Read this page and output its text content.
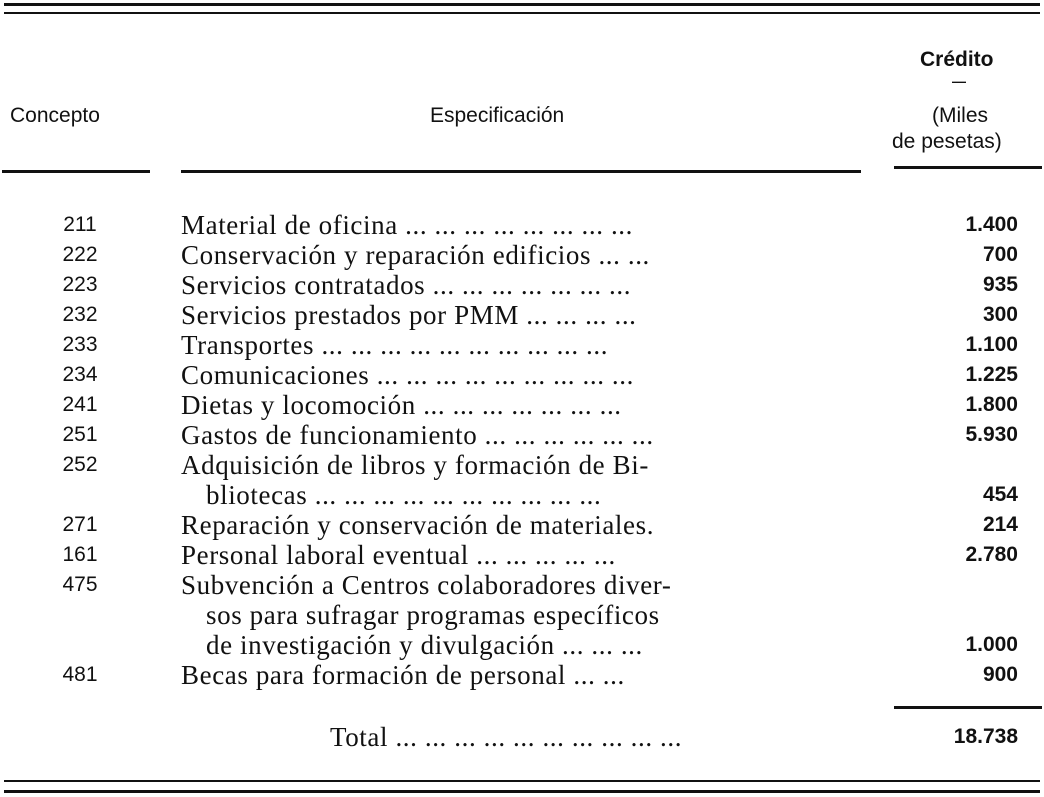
Concepto	Especificación
Crédito
—
(Miles
de pesetas)
211	Material de oficina ... ... ... ... ... ... ... ...	1.400
222	Conservación y reparación edificios ... ...	700
223	Servicios contratados ... ... ... ... ... ... ...	935
232	Servicios prestados por PMM ... ... ... ...	300
233	Transportes ... ... ... ... ... ... ... ... ... ...	1.100
234	Comunicaciones ... ... ... ... ... ... ... ... ...	1.225
241	Dietas y locomoción ... ... ... ... ... ... ...	1.800
251	Gastos de funcionamiento ... ... ... ... ... ...	5.930
252	Adquisición de libros y formación de Bi-
bliotecas ... ... ... ... ... ... ... ... ... ...	454
271	Reparación y conservación de materiales.	214
161	Personal laboral eventual ... ... ... ... ...	2.780
475	Subvención a Centros colaboradores diver-
sos para sufragar programas específicos
de investigación y divulgación ... ... ...	1.000
481	Becas para formación de personal ... ...	900
Total ... ... ... ... ... ... ... ... ... ...	18.738
